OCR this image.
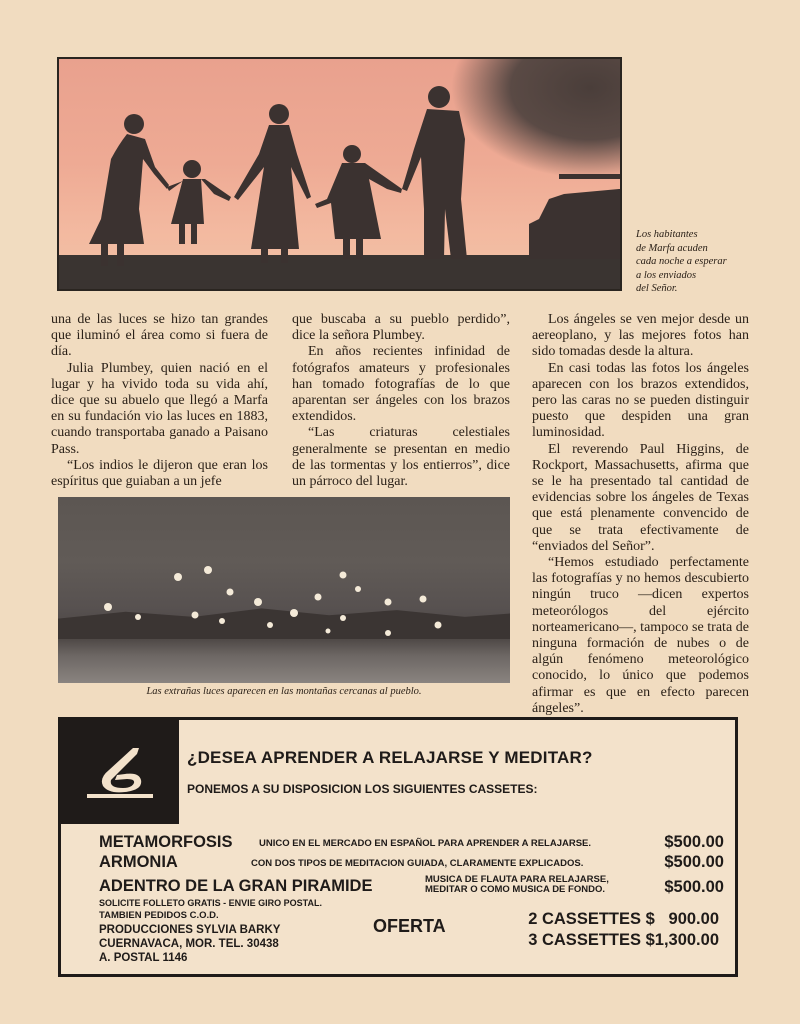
Los habitantes
de Marfa acuden
cada noche a esperar
a los enviados
del Señor.

una de las luces se hizo tan grandes que iluminó el área como si fuera de día.

Julia Plumbey, quien nació en el lugar y ha vivido toda su vida ahí, dice que su abuelo que llegó a Marfa en su fundación vio las luces en 1883, cuando transportaba ganado a Paisano Pass.

“Los indios le dijeron que eran los espíritus que guiaban a un jefe

que buscaba a su pueblo perdido”, dice la señora Plumbey.

En años recientes infinidad de fotógrafos amateurs y profesionales han tomado fotografías de lo que aparentan ser ángeles con los brazos extendidos.

“Las criaturas celestiales generalmente se presentan en medio de las tormentas y los entierros”, dice un párroco del lugar.

Los ángeles se ven mejor desde un aereoplano, y las mejores fotos han sido tomadas desde la altura.

En casi todas las fotos los ángeles aparecen con los brazos extendidos, pero las caras no se pueden distinguir puesto que despiden una gran luminosidad.

El reverendo Paul Higgins, de Rockport, Massachusetts, afirma que se le ha presentado tal cantidad de evidencias sobre los ángeles de Texas que está plenamente convencido de que se trata efectivamente de “enviados del Señor”.

“Hemos estudiado perfectamente las fotografías y no hemos descubierto ningún truco —dicen expertos meteorólogos del ejército norteamericano—, tampoco se trata de ninguna formación de nubes o de algún fenómeno meteorológico conocido, lo único que podemos afirmar es que en efecto parecen ángeles”.

Las extrañas luces aparecen en las montañas cercanas al pueblo.
¿DESEA APRENDER A RELAJARSE Y MEDITAR?
PONEMOS A SU DISPOSICION LOS SIGUIENTES CASSETES:
METAMORFOSIS	UNICO EN EL MERCADO EN ESPAÑOL PARA APRENDER A RELAJARSE.	$500.00
ARMONIA	CON DOS TIPOS DE MEDITACION GUIADA, CLARAMENTE EXPLICADOS.	$500.00
ADENTRO DE LA GRAN PIRAMIDE	MUSICA DE FLAUTA PARA RELAJARSE,
MEDITAR O COMO MUSICA DE FONDO.	$500.00
SOLICITE FOLLETO GRATIS - ENVIE GIRO POSTAL.
TAMBIEN PEDIDOS C.O.D.
PRODUCCIONES SYLVIA BARKY
CUERNAVACA, MOR. TEL. 30438
A. POSTAL 1146
OFERTA	2 CASSETTES $   900.00
3 CASSETTES $1,300.00
